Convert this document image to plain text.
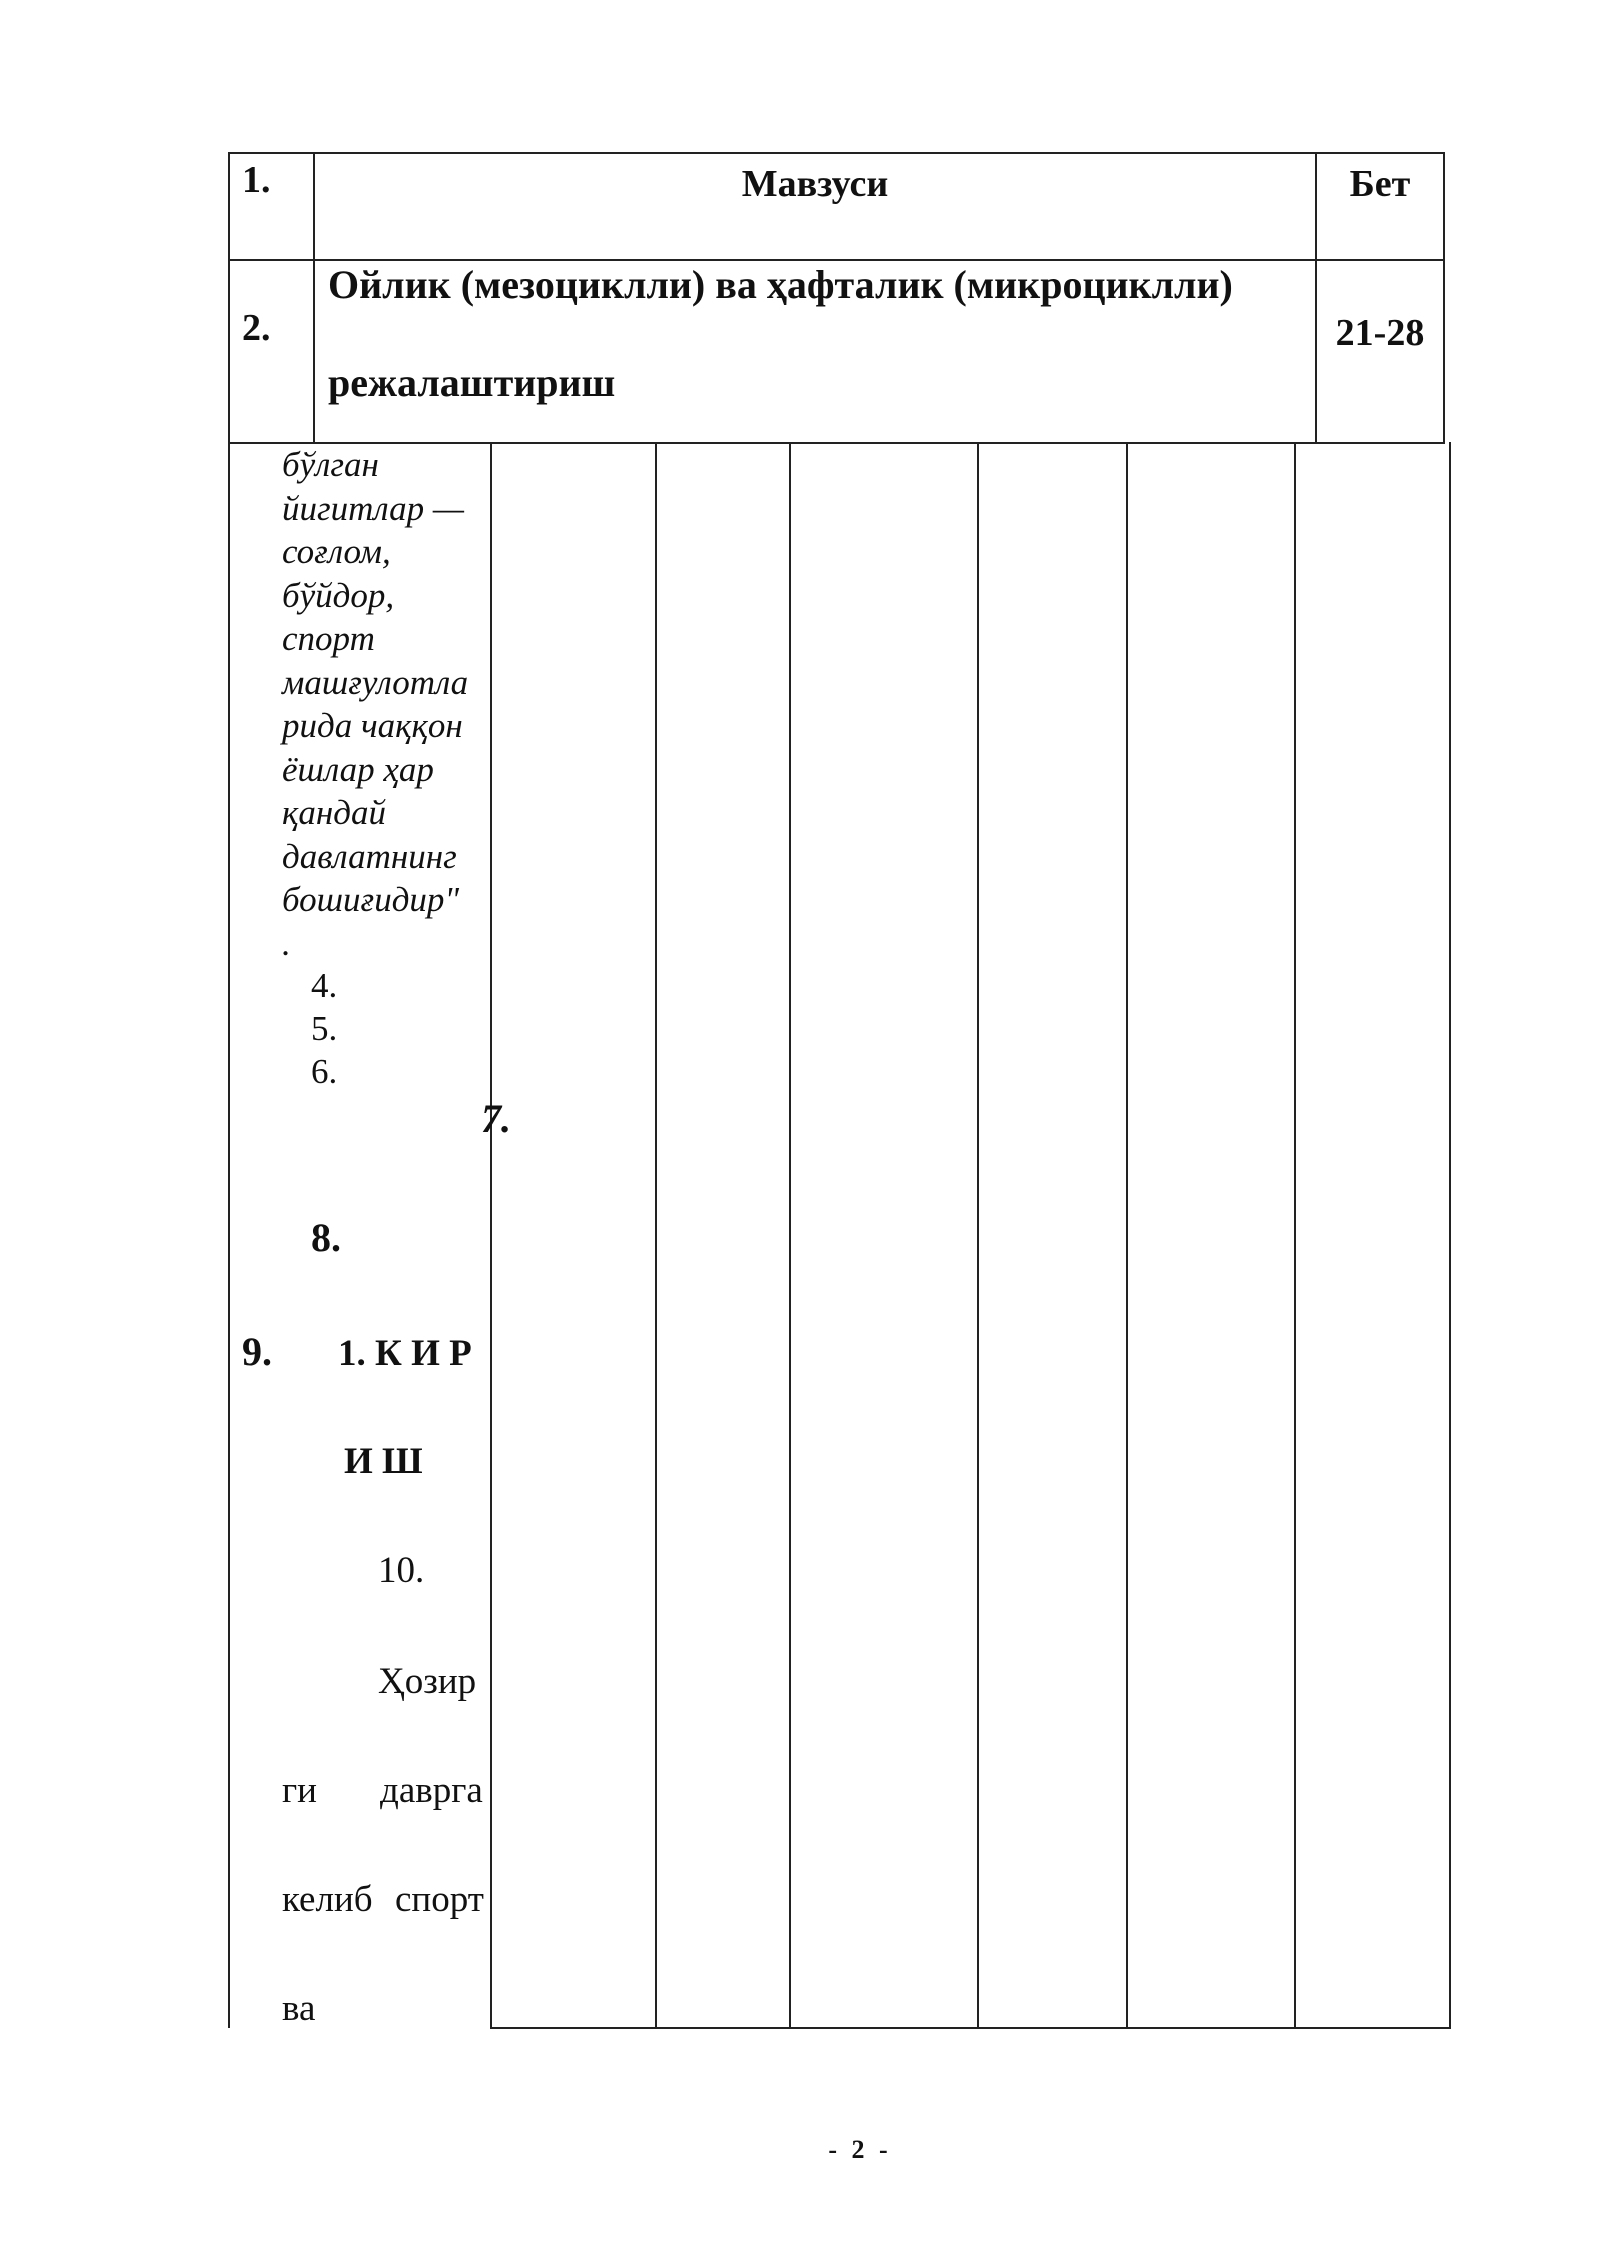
1.	Мавзуси	Бет
2.
Ойлик (мезоциклли) ва ҳафталик (микроциклли)
режалаштириш
21-28
бўлган
йигитлар —
соғлом,
бўйдор,
спорт
машғулотла
рида чаққон
ёшлар ҳар
қандай
давлатнинг
бошиғидир"
.
4.
5.
6.
7.
8.
9. 1. К И Р
И Ш
10.
Ҳозир
ги даврга
келиб спорт
ва
- 2 -
